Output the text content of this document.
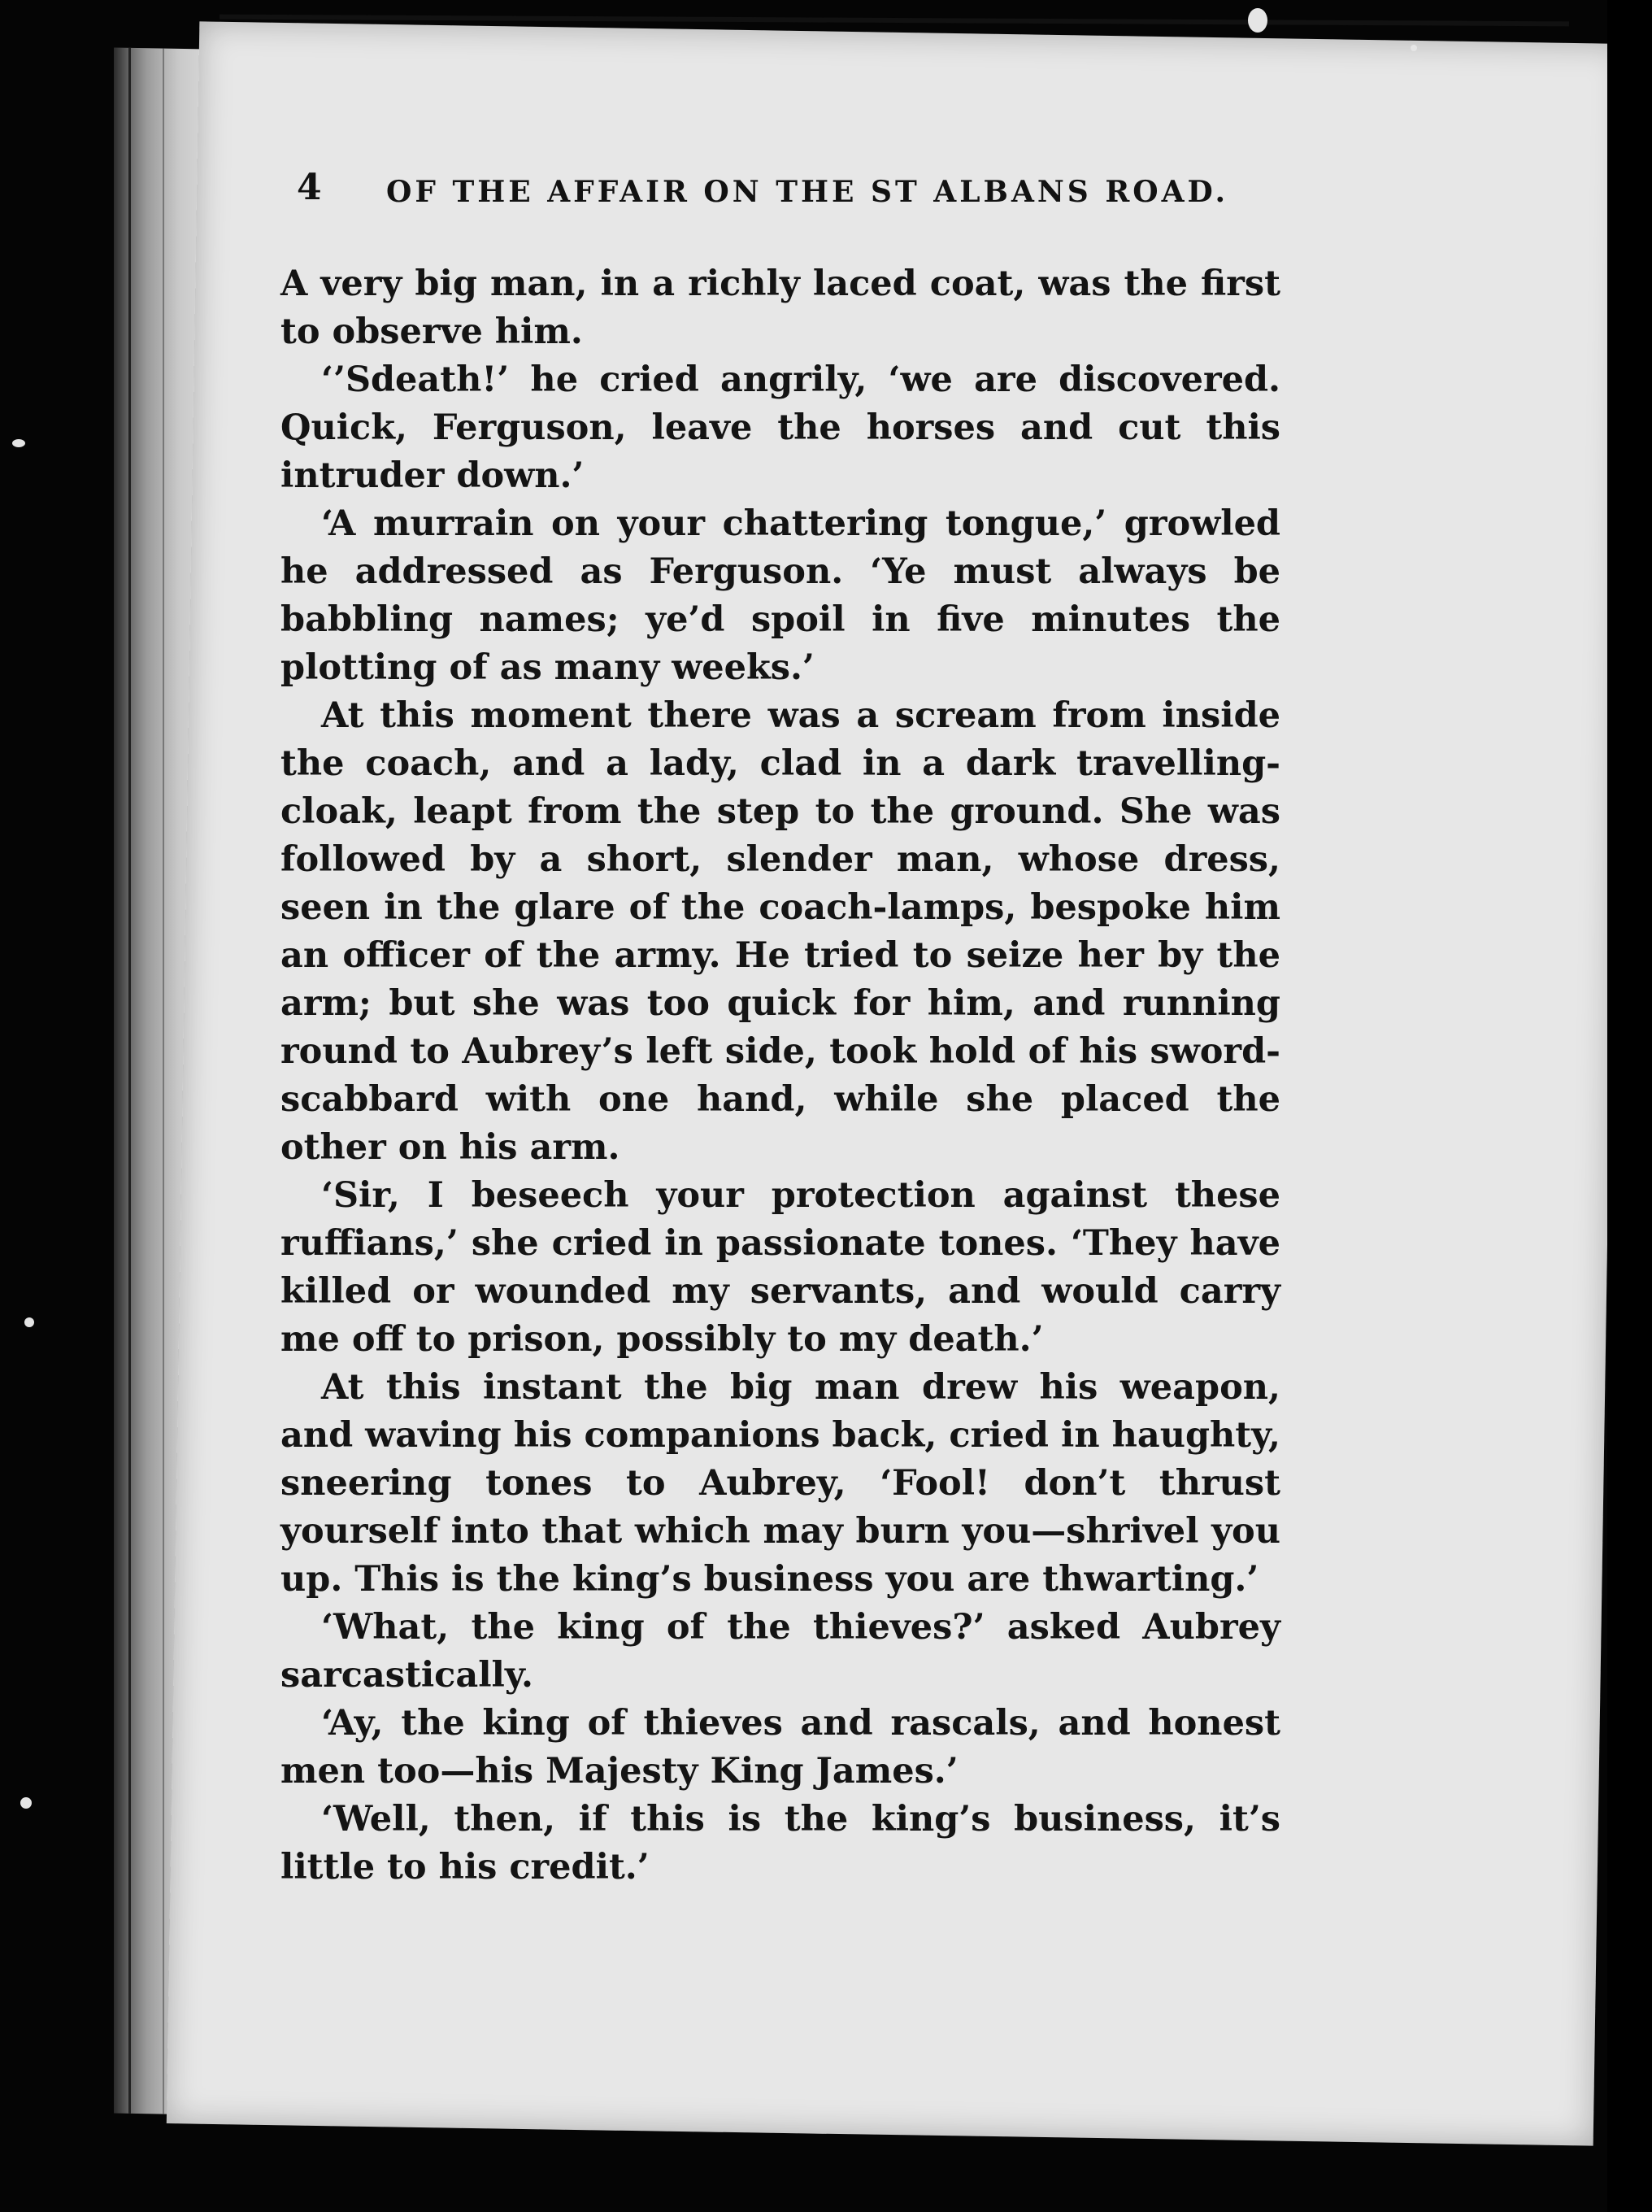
4 OF THE AFFAIR ON THE ST ALBANS ROAD.

A very big man, in a richly laced coat, was the first to observe him.

‘’Sdeath!’ he cried angrily, ‘we are discovered. Quick, Ferguson, leave the horses and cut this intruder down.’

‘A murrain on your chattering tongue,’ growled he addressed as Ferguson. ‘Ye must always be babbling names; ye’d spoil in five minutes the plotting of as many weeks.’

At this moment there was a scream from inside the coach, and a lady, clad in a dark travelling-cloak, leapt from the step to the ground. She was followed by a short, slender man, whose dress, seen in the glare of the coach-lamps, bespoke him an officer of the army. He tried to seize her by the arm; but she was too quick for him, and running round to Aubrey’s left side, took hold of his sword-scabbard with one hand, while she placed the other on his arm.

‘Sir, I beseech your protection against these ruffians,’ she cried in passionate tones. ‘They have killed or wounded my servants, and would carry me off to prison, possibly to my death.’

At this instant the big man drew his weapon, and waving his companions back, cried in haughty, sneering tones to Aubrey, ‘Fool! don’t thrust yourself into that which may burn you—shrivel you up. This is the king’s business you are thwarting.’

‘What, the king of the thieves?’ asked Aubrey sarcastically.

‘Ay, the king of thieves and rascals, and honest men too—his Majesty King James.’

‘Well, then, if this is the king’s business, it’s little to his credit.’
